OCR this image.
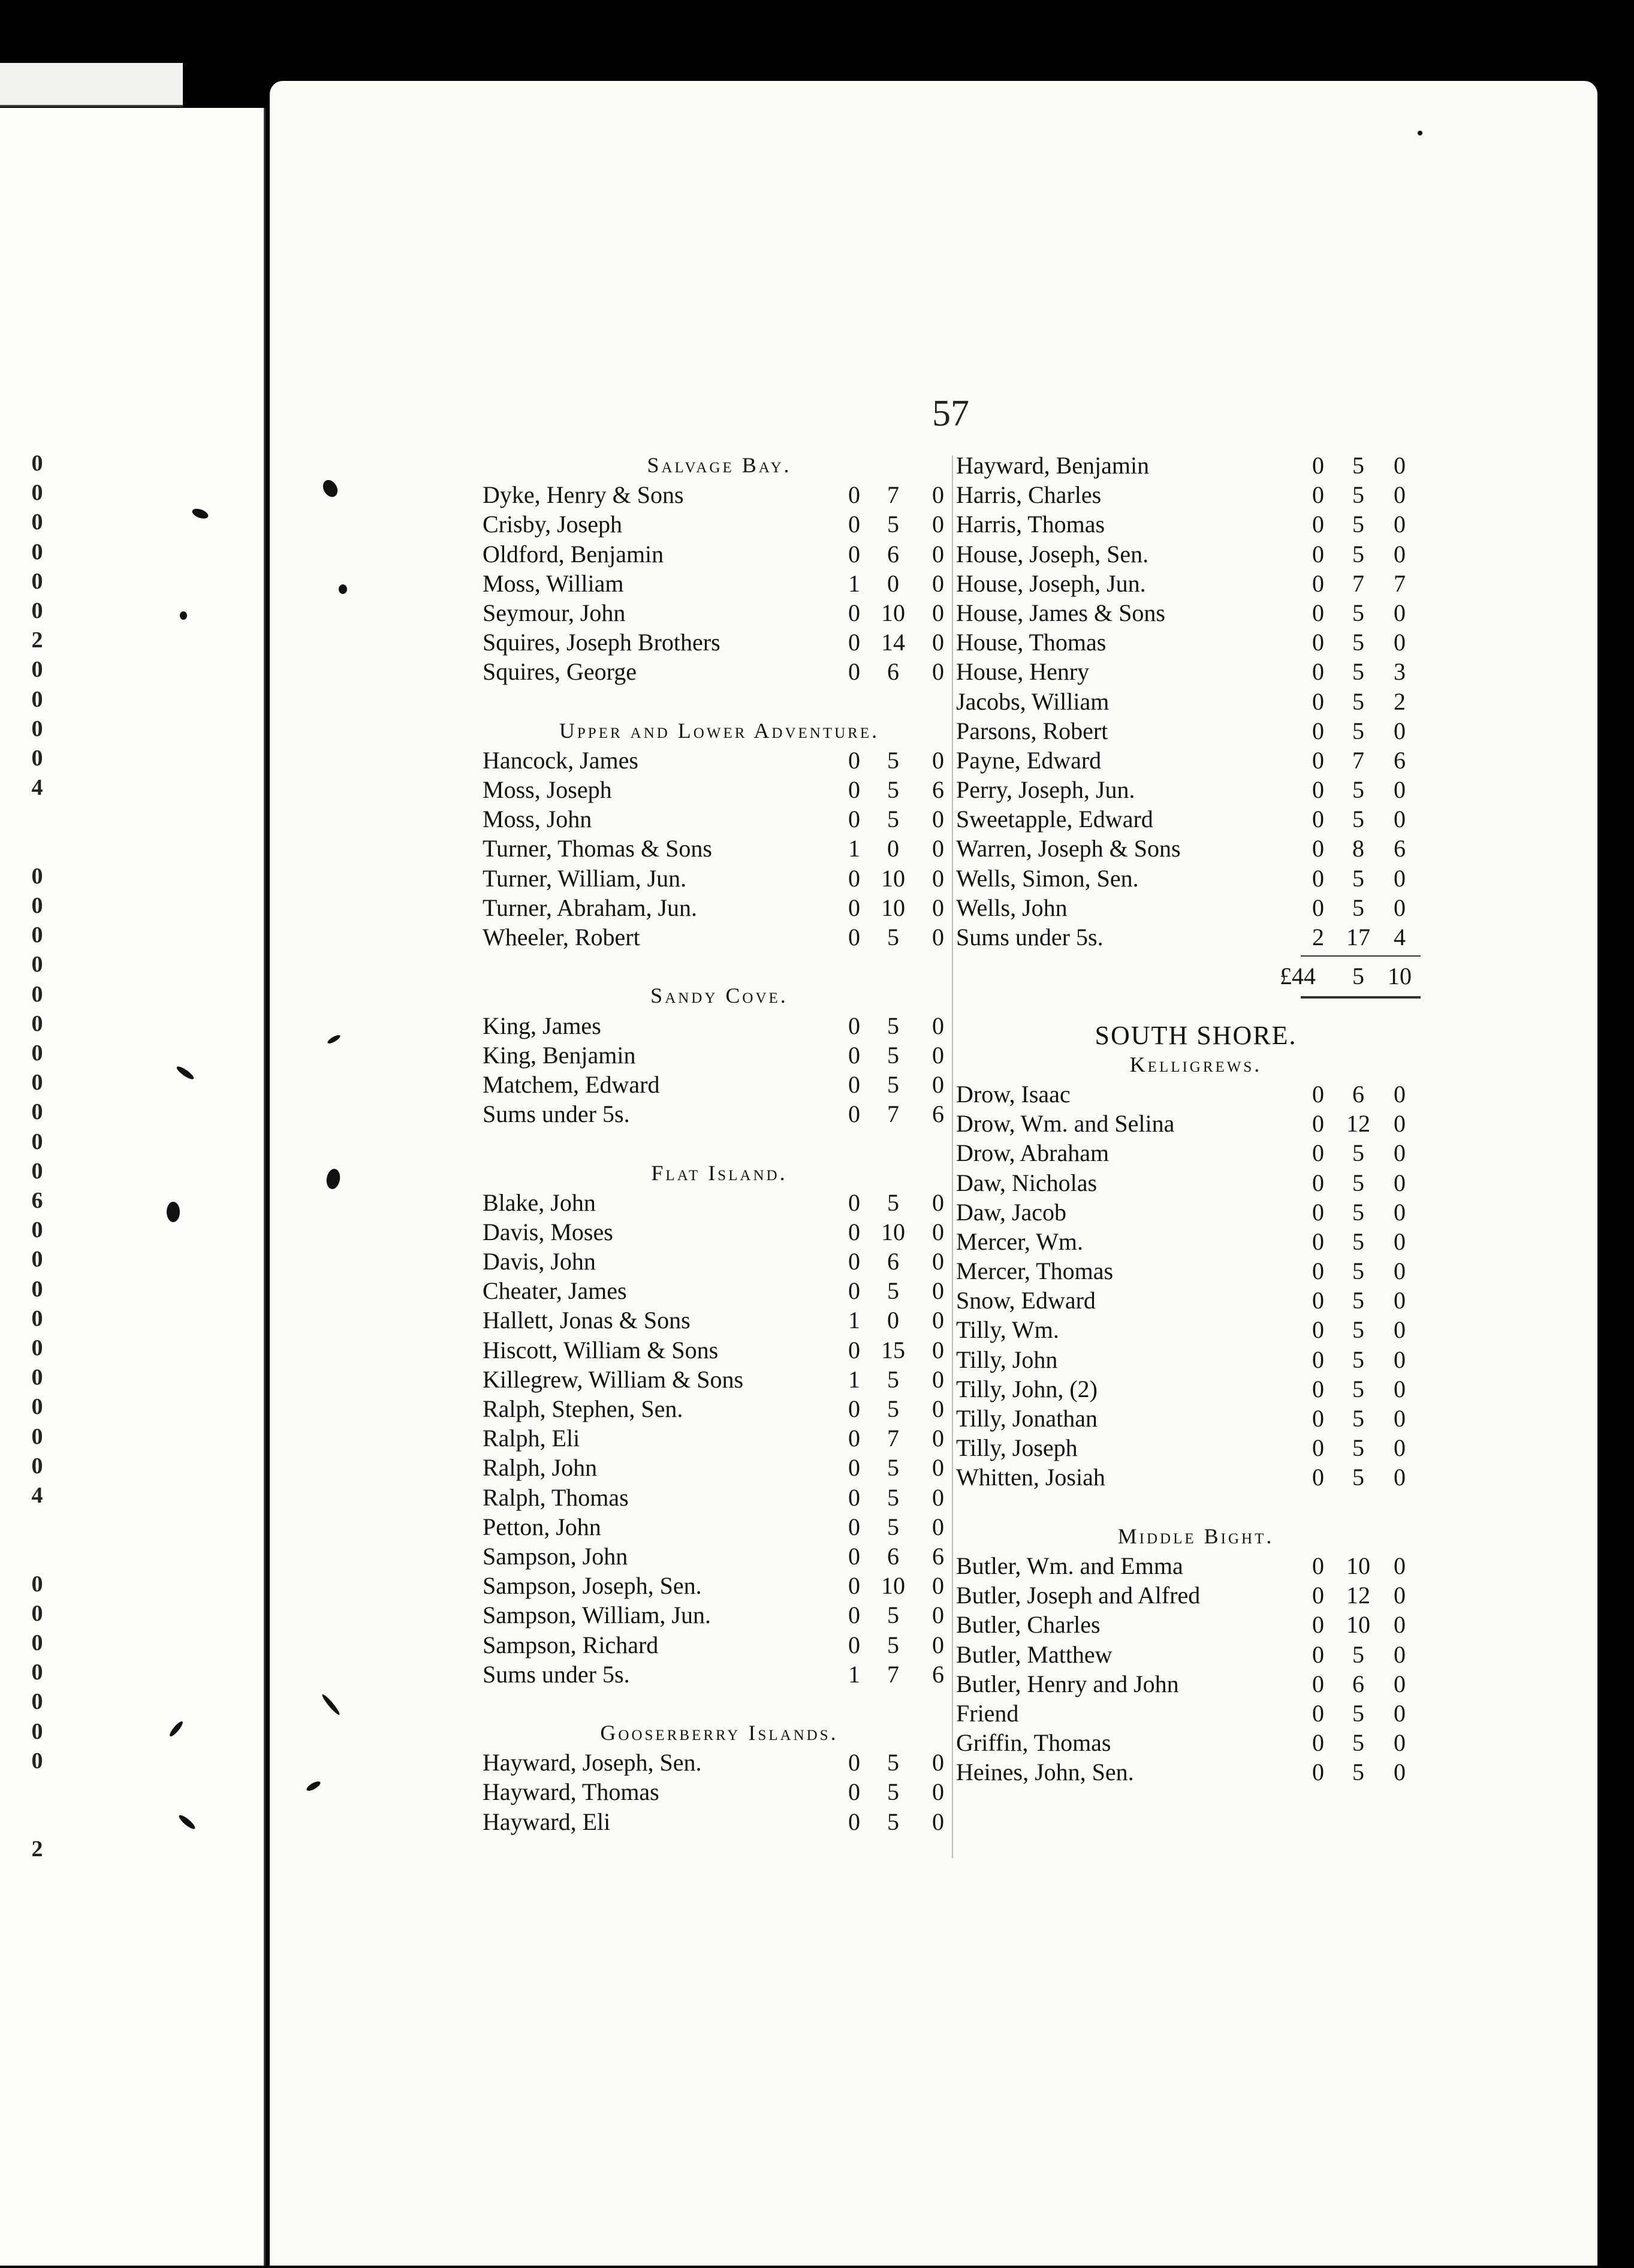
0
0
0
0
0
0
2
0
0
0
0
4
0
0
0
0
0
0
0
0
0
0
0
6
0
0
0
0
0
0
0
0
0
4
0
0
0
0
0
0
0
2
57
Salvage Bay.
Dyke, Henry & Sons	0	7	0
Crisby, Joseph	0	5	0
Oldford, Benjamin	0	6	0
Moss, William	1	0	0
Seymour, John	0 10	0
Squires, Joseph Brothers	0 14	0
Squires, George	0	6	0
Upper and Lower Adventure.
Hancock, James	0	5	0
Moss, Joseph	0	5	6
Moss, John	0	5	0
Turner, Thomas & Sons	1	0	0
Turner, William, Jun.	0 10	0
Turner, Abraham, Jun.	0 10	0
Wheeler, Robert	0	5	0
Sandy Cove.
King, James	0	5	0
King, Benjamin	0	5	0
Matchem, Edward	0	5	0
Sums under 5s.	0	7	6
Flat Island.
Blake, John	0	5	0
Davis, Moses	0 10	0
Davis, John	0	6	0
Cheater, James	0	5	0
Hallett, Jonas & Sons	1	0	0
Hiscott, William & Sons	0 15	0
Killegrew, William & Sons	1	5	0
Ralph, Stephen, Sen.	0	5	0
Ralph, Eli	0	7	0
Ralph, John	0	5	0
Ralph, Thomas	0	5	0
Petton, John	0	5	0
Sampson, John	0	6	6
Sampson, Joseph, Sen.	0 10	0
Sampson, William, Jun.	0	5	0
Sampson, Richard	0	5	0
Sums under 5s.	1	7	6
Gooserberry Islands.
Hayward, Joseph, Sen.	0	5	0
Hayward, Thomas	0	5	0
Hayward, Eli	0	5	0
Hayward, Benjamin	0	5	0
Harris, Charles	0	5	0
Harris, Thomas	0	5	0
House, Joseph, Sen.	0	5	0
House, Joseph, Jun.	0	7	7
House, James & Sons	0	5	0
House, Thomas	0	5	0
House, Henry	0	5	3
Jacobs, William	0	5	2
Parsons, Robert	0	5	0
Payne, Edward	0	7	6
Perry, Joseph, Jun.	0	5	0
Sweetapple, Edward	0	5	0
Warren, Joseph & Sons	0	8	6
Wells, Simon, Sen.	0	5	0
Wells, John	0	5	0
Sums under 5s.	2 17 4
£44	5 10
SOUTH SHORE.
Kelligrews.
Drow, Isaac	0	6	0
Drow, Wm. and Selina	0 12 0
Drow, Abraham	0	5	0
Daw, Nicholas	0	5	0
Daw, Jacob	0	5	0
Mercer, Wm.	0	5	0
Mercer, Thomas	0	5	0
Snow, Edward	0	5	0
Tilly, Wm.	0	5	0
Tilly, John	0	5	0
Tilly, John, (2)	0	5	0
Tilly, Jonathan	0	5	0
Tilly, Joseph	0	5	0
Whitten, Josiah	0	5	0
Middle Bight.
Butler, Wm. and Emma	0 10 0
Butler, Joseph and Alfred	0 12 0
Butler, Charles	0 10 0
Butler, Matthew	0	5	0
Butler, Henry and John	0	6	0
Friend	0	5	0
Griffin, Thomas	0	5	0
Heines, John, Sen.	0	5	0
